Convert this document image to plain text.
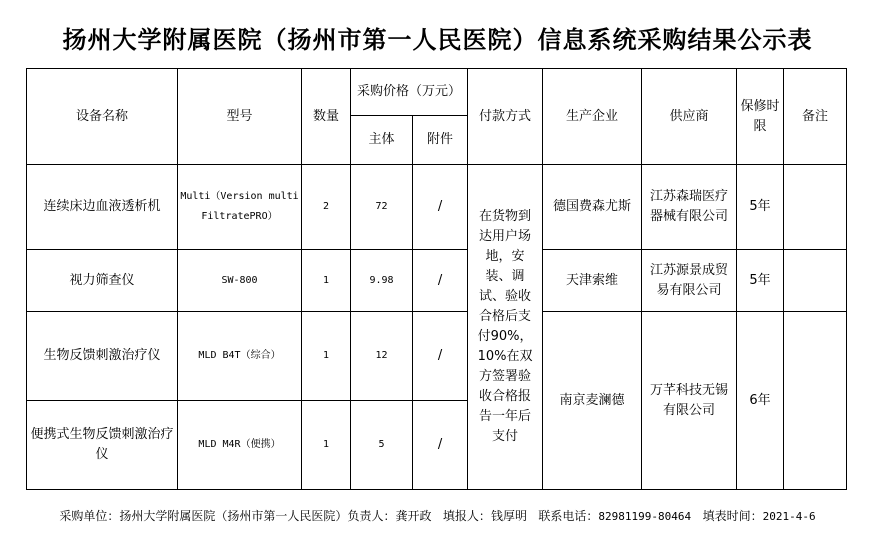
扬州大学附属医院（扬州市第一人民医院）信息系统采购结果公示表
设备名称	型号	数量	采购价格（万元）		付款方式	生产企业	供应商	保修时限	备注
			主体	附件					
连续床边血液透析机	Multi（Version multiFiltratePRO）	2	72	/	在货物到达用户场地，安装、调试、验收合格后支付90%，10%在双方签署验收合格报告一年后支付	德国费森尤斯	江苏森瑞医疗器械有限公司	5年	
视力筛查仪	SW-800	1	9.98	/		天津索维	江苏源景成贸易有限公司	5年	
生物反馈刺激治疗仪	MLD B4T（综合）	1	12	/		南京麦澜德	万芊科技无锡有限公司	6年	
便携式生物反馈刺激治疗仪	MLD M4R（便携）	1	5	/					
采购单位：扬州大学附属医院（扬州市第一人民医院）负责人：龚开政 填报人：钱厚明 联系电话：82981199-80464 填表时间：2021-4-6
